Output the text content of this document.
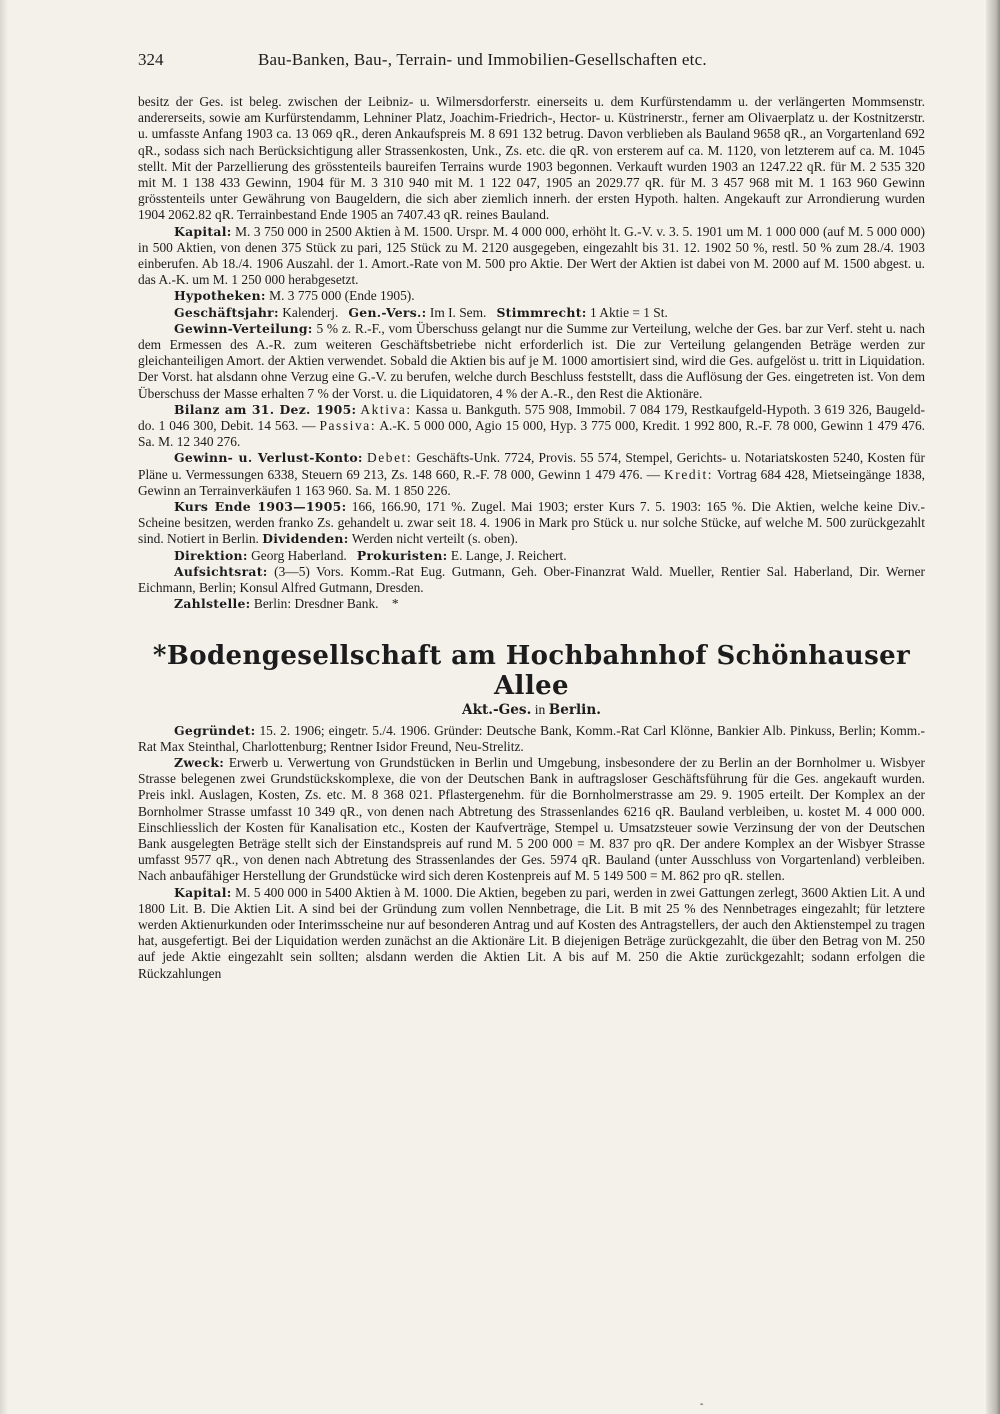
324	Bau-Banken, Bau-, Terrain- und Immobilien-Gesellschaften etc.

besitz der Ges. ist beleg. zwischen der Leibniz- u. Wilmersdorferstr. einerseits u. dem Kurfürstendamm u. der verlängerten Mommsenstr. andererseits, sowie am Kurfürstendamm, Lehniner Platz, Joachim-Friedrich-, Hector- u. Küstrinerstr., ferner am Olivaerplatz u. der Kostnitzerstr. u. umfasste Anfang 1903 ca. 13 069 qR., deren Ankaufspreis M. 8 691 132 betrug. Davon verblieben als Bauland 9658 qR., an Vorgartenland 692 qR., sodass sich nach Berücksichtigung aller Strassenkosten, Unk., Zs. etc. die qR. von ersterem auf ca. M. 1120, von letzterem auf ca. M. 1045 stellt. Mit der Parzellierung des grösstenteils baureifen Terrains wurde 1903 begonnen. Verkauft wurden 1903 an 1247.22 qR. für M. 2 535 320 mit M. 1 138 433 Gewinn, 1904 für M. 3 310 940 mit M. 1 122 047, 1905 an 2029.77 qR. für M. 3 457 968 mit M. 1 163 960 Gewinn grösstenteils unter Gewährung von Baugeldern, die sich aber ziemlich innerh. der ersten Hypoth. halten. Angekauft zur Arrondierung wurden 1904 2062.82 qR. Terrainbestand Ende 1905 an 7407.43 qR. reines Bauland.

Kapital: M. 3 750 000 in 2500 Aktien à M. 1500. Urspr. M. 4 000 000, erhöht lt. G.-V. v. 3. 5. 1901 um M. 1 000 000 (auf M. 5 000 000) in 500 Aktien, von denen 375 Stück zu pari, 125 Stück zu M. 2120 ausgegeben, eingezahlt bis 31. 12. 1902 50 %, restl. 50 % zum 28./4. 1903 einberufen. Ab 18./4. 1906 Auszahl. der 1. Amort.-Rate von M. 500 pro Aktie. Der Wert der Aktien ist dabei von M. 2000 auf M. 1500 abgest. u. das A.-K. um M. 1 250 000 herabgesetzt.

Hypotheken: M. 3 775 000 (Ende 1905).

Geschäftsjahr: Kalenderj. Gen.-Vers.: Im I. Sem. Stimmrecht: 1 Aktie = 1 St.

Gewinn-Verteilung: 5 % z. R.-F., vom Überschuss gelangt nur die Summe zur Verteilung, welche der Ges. bar zur Verf. steht u. nach dem Ermessen des A.-R. zum weiteren Geschäftsbetriebe nicht erforderlich ist. Die zur Verteilung gelangenden Beträge werden zur gleichanteiligen Amort. der Aktien verwendet. Sobald die Aktien bis auf je M. 1000 amortisiert sind, wird die Ges. aufgelöst u. tritt in Liquidation. Der Vorst. hat alsdann ohne Verzug eine G.-V. zu berufen, welche durch Beschluss feststellt, dass die Auflösung der Ges. eingetreten ist. Von dem Überschuss der Masse erhalten 7 % der Vorst. u. die Liquidatoren, 4 % der A.-R., den Rest die Aktionäre.

Bilanz am 31. Dez. 1905: Aktiva: Kassa u. Bankguth. 575 908, Immobil. 7 084 179, Restkaufgeld-Hypoth. 3 619 326, Baugeld- do. 1 046 300, Debit. 14 563. — Passiva: A.-K. 5 000 000, Agio 15 000, Hyp. 3 775 000, Kredit. 1 992 800, R.-F. 78 000, Gewinn 1 479 476. Sa. M. 12 340 276.

Gewinn- u. Verlust-Konto: Debet: Geschäfts-Unk. 7724, Provis. 55 574, Stempel, Gerichts- u. Notariatskosten 5240, Kosten für Pläne u. Vermessungen 6338, Steuern 69 213, Zs. 148 660, R.-F. 78 000, Gewinn 1 479 476. — Kredit: Vortrag 684 428, Mietseingänge 1838, Gewinn an Terrainverkäufen 1 163 960. Sa. M. 1 850 226.

Kurs Ende 1903—1905: 166, 166.90, 171 %. Zugel. Mai 1903; erster Kurs 7. 5. 1903: 165 %. Die Aktien, welche keine Div.-Scheine besitzen, werden franko Zs. gehandelt u. zwar seit 18. 4. 1906 in Mark pro Stück u. nur solche Stücke, auf welche M. 500 zurückgezahlt sind. Notiert in Berlin. Dividenden: Werden nicht verteilt (s. oben).

Direktion: Georg Haberland. Prokuristen: E. Lange, J. Reichert.

Aufsichtsrat: (3—5) Vors. Komm.-Rat Eug. Gutmann, Geh. Ober-Finanzrat Wald. Mueller, Rentier Sal. Haberland, Dir. Werner Eichmann, Berlin; Konsul Alfred Gutmann, Dresden.

Zahlstelle: Berlin: Dresdner Bank. *

*Bodengesellschaft am Hochbahnhof Schönhauser Allee
Akt.-Ges. in Berlin.

Gegründet: 15. 2. 1906; eingetr. 5./4. 1906. Gründer: Deutsche Bank, Komm.-Rat Carl Klönne, Bankier Alb. Pinkuss, Berlin; Komm.-Rat Max Steinthal, Charlottenburg; Rentner Isidor Freund, Neu-Strelitz.

Zweck: Erwerb u. Verwertung von Grundstücken in Berlin und Umgebung, insbesondere der zu Berlin an der Bornholmer u. Wisbyer Strasse belegenen zwei Grundstückskomplexe, die von der Deutschen Bank in auftragsloser Geschäftsführung für die Ges. angekauft wurden. Preis inkl. Auslagen, Kosten, Zs. etc. M. 8 368 021. Pflastergenehm. für die Bornholmerstrasse am 29. 9. 1905 erteilt. Der Komplex an der Bornholmer Strasse umfasst 10 349 qR., von denen nach Abtretung des Strassenlandes 6216 qR. Bauland verbleiben, u. kostet M. 4 000 000. Einschliesslich der Kosten für Kanalisation etc., Kosten der Kaufverträge, Stempel u. Umsatzsteuer sowie Verzinsung der von der Deutschen Bank ausgelegten Beträge stellt sich der Einstandspreis auf rund M. 5 200 000 = M. 837 pro qR. Der andere Komplex an der Wisbyer Strasse umfasst 9577 qR., von denen nach Abtretung des Strassenlandes der Ges. 5974 qR. Bauland (unter Ausschluss von Vorgartenland) verbleiben. Nach anbaufähiger Herstellung der Grundstücke wird sich deren Kostenpreis auf M. 5 149 500 = M. 862 pro qR. stellen.

Kapital: M. 5 400 000 in 5400 Aktien à M. 1000. Die Aktien, begeben zu pari, werden in zwei Gattungen zerlegt, 3600 Aktien Lit. A und 1800 Lit. B. Die Aktien Lit. A sind bei der Gründung zum vollen Nennbetrage, die Lit. B mit 25 % des Nennbetrages eingezahlt; für letztere werden Aktienurkunden oder Interimsscheine nur auf besonderen Antrag und auf Kosten des Antragstellers, der auch den Aktienstempel zu tragen hat, ausgefertigt. Bei der Liquidation werden zunächst an die Aktionäre Lit. B diejenigen Beträge zurückgezahlt, die über den Betrag von M. 250 auf jede Aktie eingezahlt sein sollten; alsdann werden die Aktien Lit. A bis auf M. 250 die Aktie zurückgezahlt; sodann erfolgen die Rückzahlungen

-
